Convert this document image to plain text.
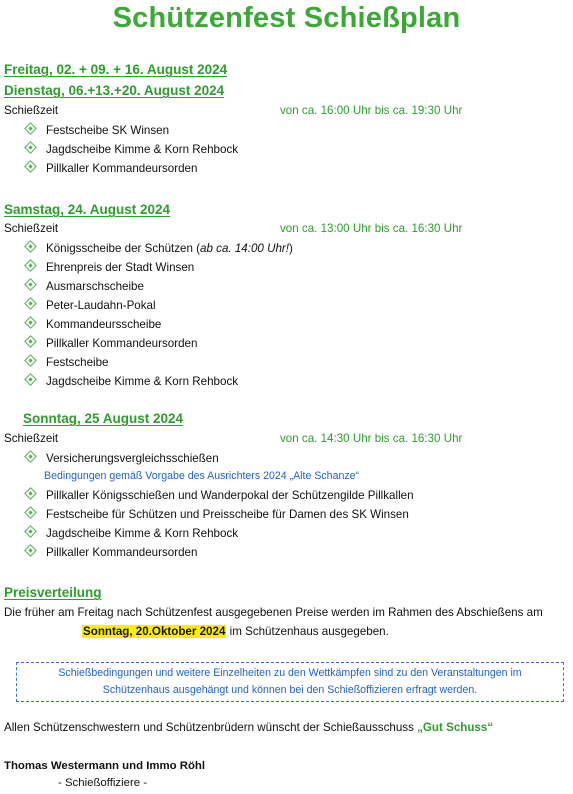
Schützenfest Schießplan
Freitag, 02. + 09. + 16. August 2024
Dienstag, 06.+13.+20. August 2024
Schießzeit	von ca. 16:00 Uhr bis ca. 19:30 Uhr
Festscheibe SK Winsen
Jagdscheibe Kimme & Korn Rehbock
Pillkaller Kommandeursorden
Samstag, 24. August 2024
Schießzeit	von ca. 13:00 Uhr bis ca. 16:30 Uhr
Königsscheibe der Schützen (ab ca. 14:00 Uhr!)
Ehrenpreis der Stadt Winsen
Ausmarschscheibe
Peter-Laudahn-Pokal
Kommandeursscheibe
Pillkaller Kommandeursorden
Festscheibe
Jagdscheibe Kimme & Korn Rehbock
Sonntag, 25 August 2024
Schießzeit	von ca. 14:30 Uhr bis ca. 16:30 Uhr
Versicherungsvergleichsschießen
Bedingungen gemäß Vorgabe des Ausrichters 2024 „Alte Schanze“
Pillkaller Königsschießen und Wanderpokal der Schützengilde Pillkallen
Festscheibe für Schützen und Preisscheibe für Damen des SK Winsen
Jagdscheibe Kimme & Korn Rehbock
Pillkaller Kommandeursorden
Preisverteilung
Die früher am Freitag nach Schützenfest ausgegebenen Preise werden im Rahmen des Abschießens am
Sonntag, 20.Oktober 2024 im Schützenhaus ausgegeben.
Schießbedingungen und weitere Einzelheiten zu den Wettkämpfen sind zu den Veranstaltungen im
Schützenhaus ausgehängt und können bei den Schießoffizieren erfragt werden.
Allen Schützenschwestern und Schützenbrüdern wünscht der Schießausschuss „Gut Schuss“
Thomas Westermann und Immo Röhl
- Schießoffiziere -
